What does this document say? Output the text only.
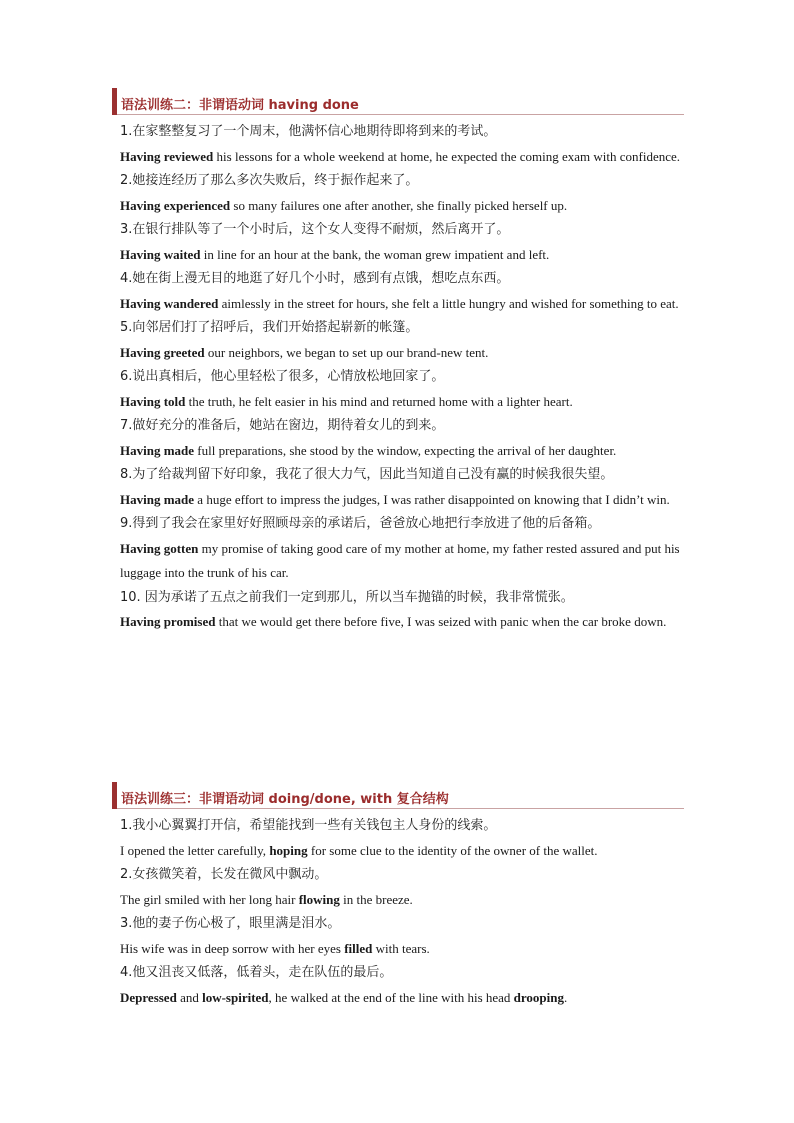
语法训练二：非谓语动词 having done
1.在家整整复习了一个周末，他满怀信心地期待即将到来的考试。
Having reviewed his lessons for a whole weekend at home, he expected the coming exam with confidence.
2.她接连经历了那么多次失败后，终于振作起来了。
Having experienced so many failures one after another, she finally picked herself up.
3.在银行排队等了一个小时后，这个女人变得不耐烦，然后离开了。
Having waited in line for an hour at the bank, the woman grew impatient and left.
4.她在街上漫无目的地逛了好几个小时，感到有点饿，想吃点东西。
Having wandered aimlessly in the street for hours, she felt a little hungry and wished for something to eat.
5.向邻居们打了招呼后，我们开始搭起崭新的帐篷。
Having greeted our neighbors, we began to set up our brand-new tent.
6.说出真相后，他心里轻松了很多，心情放松地回家了。
Having told the truth, he felt easier in his mind and returned home with a lighter heart.
7.做好充分的准备后，她站在窗边，期待着女儿的到来。
Having made full preparations, she stood by the window, expecting the arrival of her daughter.
8.为了给裁判留下好印象，我花了很大力气，因此当知道自己没有赢的时候我很失望。
Having made a huge effort to impress the judges, I was rather disappointed on knowing that I didn’t win.
9.得到了我会在家里好好照顾母亲的承诺后，爸爸放心地把行李放进了他的后备箱。
Having gotten my promise of taking good care of my mother at home, my father rested assured and put his luggage into the trunk of his car.
10. 因为承诺了五点之前我们一定到那儿，所以当车抛锚的时候，我非常慌张。
Having promised that we would get there before five, I was seized with panic when the car broke down.
语法训练三：非谓语动词 doing/done, with 复合结构
1.我小心翼翼打开信，希望能找到一些有关钱包主人身份的线索。
I opened the letter carefully, hoping for some clue to the identity of the owner of the wallet.
2.女孩微笑着，长发在微风中飘动。
The girl smiled with her long hair flowing in the breeze.
3.他的妻子伤心极了，眼里满是泪水。
His wife was in deep sorrow with her eyes filled with tears.
4.他又沮丧又低落，低着头，走在队伍的最后。
Depressed and low-spirited, he walked at the end of the line with his head drooping.
